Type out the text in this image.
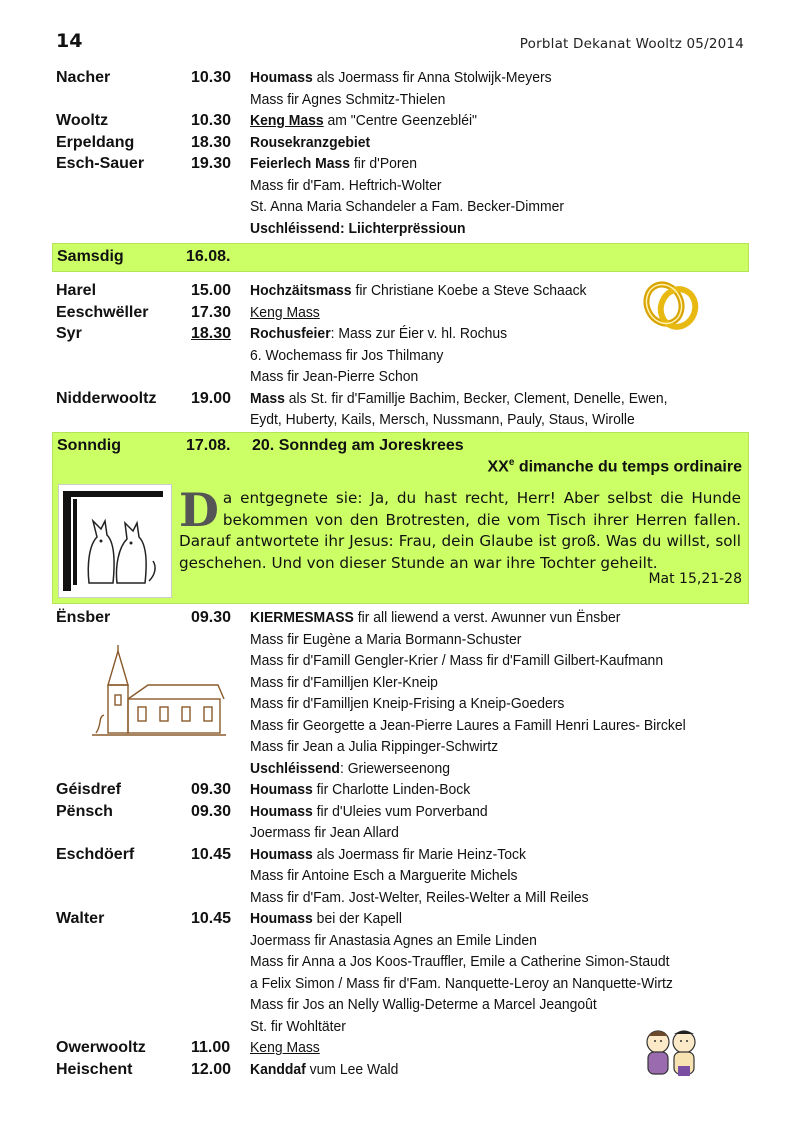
14	Porblat Dekanat Wooltz 05/2014
Nacher	10.30 Houmass als Joermass fir Anna Stolwijk-Meyers
Mass fir Agnes Schmitz-Thielen
Wooltz	10.30 Keng Mass am "Centre Geenzebléi"
Erpeldang	18.30 Rousekranzgebiet
Esch-Sauer	19.30 Feierlech Mass fir d'Poren
Mass fir d'Fam. Heftrich-Wolter
St. Anna Maria Schandeler a Fam. Becker-Dimmer
Uschléissend: Liichterprëssioun
Samsdig	16.08.
Harel	15.00 Hochzäitsmass fir Christiane Koebe a Steve Schaack
Eeschwëller	17.30 Keng Mass
Syr	18.30 Rochusfeier: Mass zur Éier v. hl. Rochus
6. Wochemass fir Jos Thilmany
Mass fir Jean-Pierre Schon
Nidderwooltz 19.00 Mass als St. fir d'Famillje Bachim, Becker, Clement, Denelle, Ewen,
Eydt, Huberty, Kails, Mersch, Nussmann, Pauly, Staus, Wirolle
Sonndig	17.08. 20. Sonndeg am Joreskrees
XXe dimanche du temps ordinaire
Da entgegnete sie: Ja, du hast recht, Herr! Aber selbst die Hunde bekommen von den Brotresten, die vom Tisch ihrer Herren fallen. Darauf antwortete ihr Jesus: Frau, dein Glaube ist groß. Was du willst, soll geschehen. Und von dieser Stunde an war ihre Tochter geheilt.
Mat 15,21-28
Ënsber	09.30 KIERMESMASS fir all liewend a verst. Awunner vun Ënsber
Mass fir Eugène a Maria Bormann-Schuster
Mass fir d'Famill Gengler-Krier / Mass fir d'Famill Gilbert-Kaufmann
Mass fir d'Familljen Kler-Kneip
Mass fir d'Familljen Kneip-Frising a Kneip-Goeders
Mass fir Georgette a Jean-Pierre Laures a Famill Henri Laures- Birckel
Mass fir Jean a Julia Rippinger-Schwirtz
Uschléissend: Griewerseenong
Géisdref	09.30 Houmass fir Charlotte Linden-Bock
Pënsch	09.30 Houmass fir d'Uleies vum Porverband
Joermass fir Jean Allard
Eschdöerf	10.45 Houmass als Joermass fir Marie Heinz-Tock
Mass fir Antoine Esch a Marguerite Michels
Mass fir d'Fam. Jost-Welter, Reiles-Welter a Mill Reiles
Walter	10.45 Houmass bei der Kapell
Joermass fir Anastasia Agnes an Emile Linden
Mass fir Anna a Jos Koos-Trauffler, Emile a Catherine Simon-Staudt
a Felix Simon / Mass fir d'Fam. Nanquette-Leroy an Nanquette-Wirtz
Mass fir Jos an Nelly Wallig-Determe a Marcel Jeangoût
St. fir Wohltäter
Owerwooltz	11.00 Keng Mass
Heischent	12.00 Kanddaf vum Lee Wald
